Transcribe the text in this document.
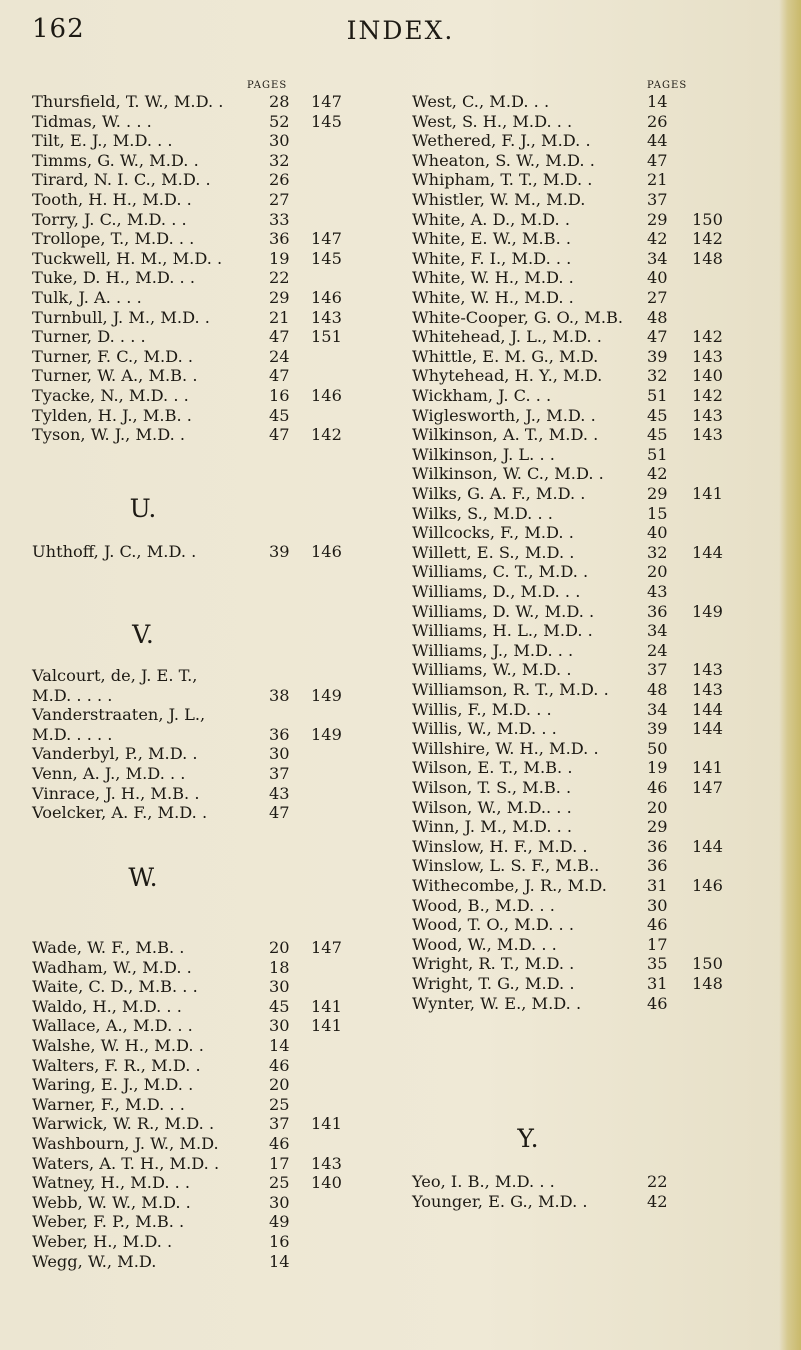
162	INDEX.
PAGES	PAGES
Thursfield, T. W., M.D. .	28 147
Tidmas, W. . . .	52 145
Tilt, E. J., M.D. . .	30
Timms, G. W., M.D. .	32
Tirard, N. I. C., M.D. .	26
Tooth, H. H., M.D. .	27
Torry, J. C., M.D. . .	33
Trollope, T., M.D. . .	36 147
Tuckwell, H. M., M.D. .	19 145
Tuke, D. H., M.D. . .	22
Tulk, J. A. . . .	29 146
Turnbull, J. M., M.D. .	21 143
Turner, D. . . .	47 151
Turner, F. C., M.D. .	24
Turner, W. A., M.B. .	47
Tyacke, N., M.D. . .	16 146
Tylden, H. J., M.B. .	45
Tyson, W. J., M.D. .	47 142
Uhthoff, J. C., M.D. .	39 146
Valcourt, de, J. E. T.,
M.D. . . . .	38 149
Vanderstraaten, J. L.,
M.D. . . . .	36 149
Vanderbyl, P., M.D. .	30
Venn, A. J., M.D. . .	37
Vinrace, J. H., M.B. .	43
Voelcker, A. F., M.D. .	47
Wade, W. F., M.B. .	20 147
Wadham, W., M.D. .	18
Waite, C. D., M.B. . .	30
Waldo, H., M.D. . .	45 141
Wallace, A., M.D. . .	30 141
Walshe, W. H., M.D. .	14
Walters, F. R., M.D. .	46
Waring, E. J., M.D. .	20
Warner, F., M.D. . .	25
Warwick, W. R., M.D. .	37 141
Washbourn, J. W., M.D.	46
Waters, A. T. H., M.D. .	17 143
Watney, H., M.D. . .	25 140
Webb, W. W., M.D. .	30
Weber, F. P., M.B. .	49
Weber, H., M.D. .	16
Wegg, W., M.D.	14
West, C., M.D. . .	14
West, S. H., M.D. . .	26
Wethered, F. J., M.D. .	44
Wheaton, S. W., M.D. .	47
Whipham, T. T., M.D. .	21
Whistler, W. M., M.D.	37
White, A. D., M.D. .	29 150
White, E. W., M.B. .	42 142
White, F. I., M.D. . .	34 148
White, W. H., M.D. .	40
White, W. H., M.D. .	27
White-Cooper, G. O., M.B. 48
Whitehead, J. L., M.D. .	47 142
Whittle, E. M. G., M.D.	39 143
Whytehead, H. Y., M.D.	32 140
Wickham, J. C. . .	51 142
Wiglesworth, J., M.D. .	45 143
Wilkinson, A. T., M.D. .	45 143
Wilkinson, J. L. . .	51
Wilkinson, W. C., M.D. .	42
Wilks, G. A. F., M.D. .	29 141
Wilks, S., M.D. . .	15
Willcocks, F., M.D. .	40
Willett, E. S., M.D. .	32 144
Williams, C. T., M.D. .	20
Williams, D., M.D. . .	43
Williams, D. W., M.D. .	36 149
Williams, H. L., M.D. .	34
Williams, J., M.D. . .	24
Williams, W., M.D. .	37 143
Williamson, R. T., M.D. . 48 143
Willis, F., M.D. . .	34 144
Willis, W., M.D. . .	39 144
Willshire, W. H., M.D. .	50
Wilson, E. T., M.B. .	19 141
Wilson, T. S., M.B. .	46 147
Wilson, W., M.D.. . .	20
Winn, J. M., M.D. . .	29
Winslow, H. F., M.D. .	36 144
Winslow, L. S. F., M.B..	36
Withecombe, J. R., M.D. 31 146
Wood, B., M.D. . .	30
Wood, T. O., M.D. . .	46
Wood, W., M.D. . .	17
Wright, R. T., M.D. .	35 150
Wright, T. G., M.D. .	31 148
Wynter, W. E., M.D. .	46
Yeo, I. B., M.D. . .	22
Younger, E. G., M.D. .	42
U.
V.
W.
Y.
